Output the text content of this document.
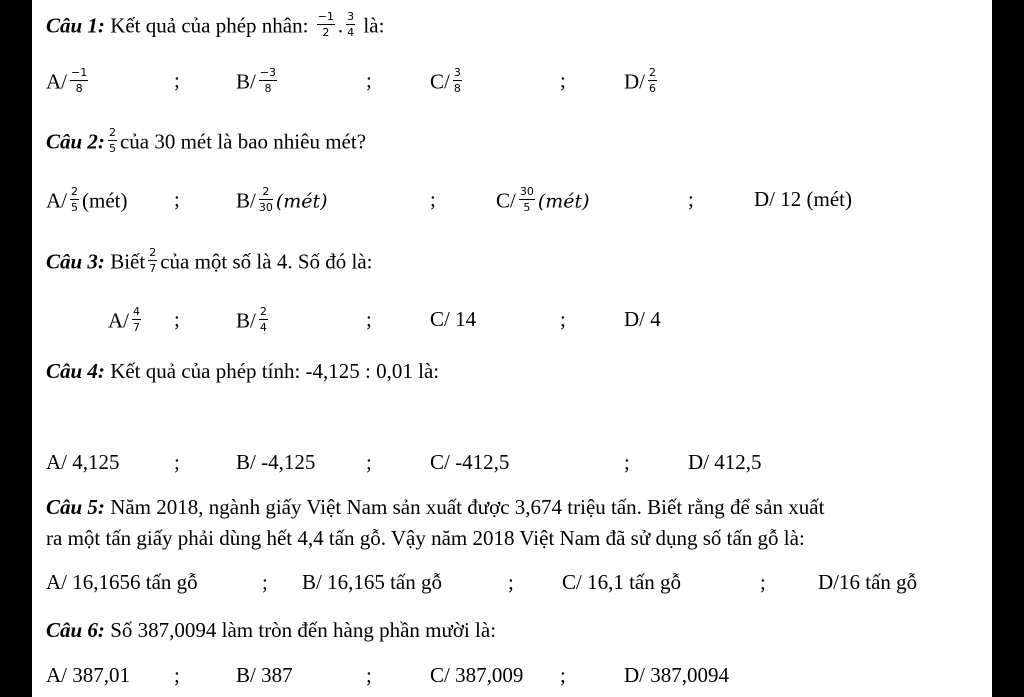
Câu 1: Kết quả của phép nhân: $\frac{-1}{2}$ . $\frac{3}{4}$ là:
$A/ \frac{-1}{8}$	;	$B/ \frac{-3}{8}$	;	$C/ \frac{3}{8}$	;	$D/ \frac{2}{6}$
Câu 2: $\frac{2}{5}$ của 30 mét là bao nhiêu mét?
$A/ \frac{2}{5}$ (mét) ;	$B/ \frac{2}{30}$ (mét)	;	$C/ \frac{30}{5}$ (mét)	;	D/ 12 (mét)
Câu 3: Biết $\frac{2}{7}$ của một số là 4. Số đó là:
$A/ \frac{4}{7}$ ;	$B/ \frac{2}{4}$	;	C/ 14	;	D/ 4
Câu 4: Kết quả của phép tính: -4,125 : 0,01 là:
A/ 4,125	;	B/ -4,125 ;	C/ -412,5	;	D/ 412,5
Câu 5: Năm 2018, ngành giấy Việt Nam sản xuất được 3,674 triệu tấn. Biết rằng để sản xuất
ra một tấn giấy phải dùng hết 4,4 tấn gỗ. Vậy năm 2018 Việt Nam đã sử dụng số tấn gỗ là:
A/ 16,1656 tấn gỗ	; B/ 16,165 tấn gỗ	; C/ 16,1 tấn gỗ	; D/16 tấn gỗ
Câu 6: Số 387,0094 làm tròn đến hàng phần mười là:
A/ 387,01 ;	B/ 387	;	C/ 387,009 ;	D/ 387,0094
